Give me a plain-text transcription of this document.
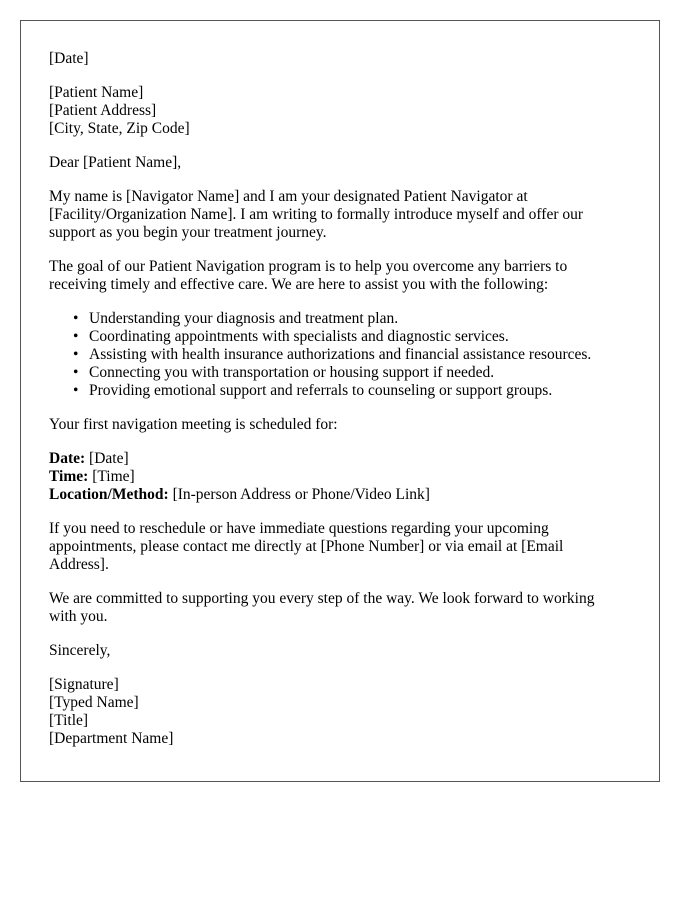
[Date]
[Patient Name]
[Patient Address]
[City, State, Zip Code]
Dear [Patient Name],
My name is [Navigator Name] and I am your designated Patient Navigator at
[Facility/Organization Name]. I am writing to formally introduce myself and offer our
support as you begin your treatment journey.
The goal of our Patient Navigation program is to help you overcome any barriers to
receiving timely and effective care. We are here to assist you with the following:
• Understanding your diagnosis and treatment plan.
• Coordinating appointments with specialists and diagnostic services.
• Assisting with health insurance authorizations and financial assistance resources.
• Connecting you with transportation or housing support if needed.
• Providing emotional support and referrals to counseling or support groups.
Your first navigation meeting is scheduled for:
Date: [Date]
Time: [Time]
Location/Method: [In-person Address or Phone/Video Link]
If you need to reschedule or have immediate questions regarding your upcoming
appointments, please contact me directly at [Phone Number] or via email at [Email
Address].
We are committed to supporting you every step of the way. We look forward to working
with you.
Sincerely,
[Signature]
[Typed Name]
[Title]
[Department Name]
